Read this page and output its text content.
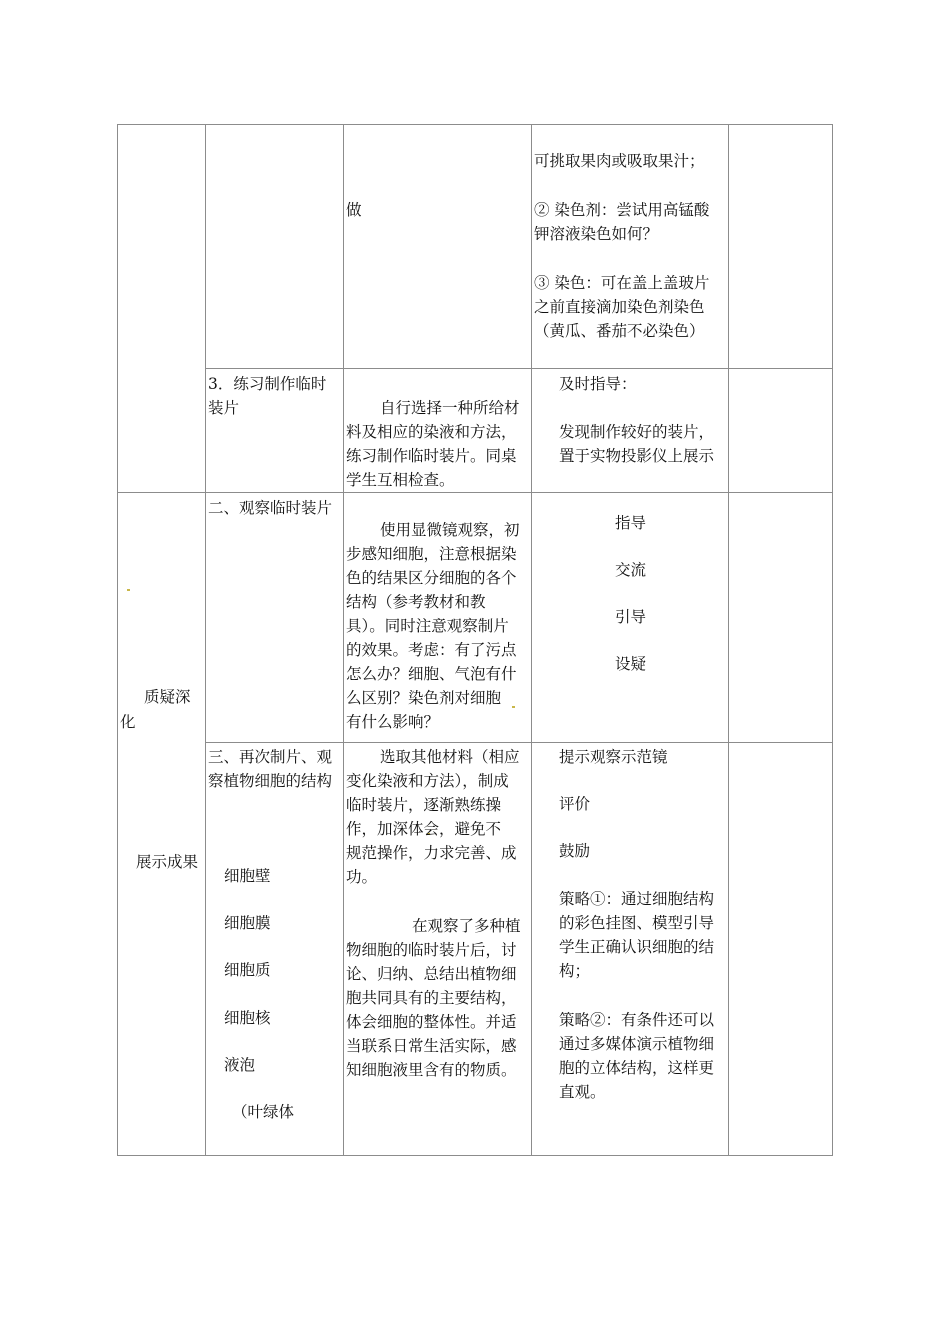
做
可挑取果肉或吸取果汁；
② 染色剂：尝试用高锰酸
钾溶液染色如何？
③ 染色：可在盖上盖玻片
之前直接滴加染色剂染色
（黄瓜、番茄不必染色）
3．练习制作临时
装片	自行选择一种所给材
料及相应的染液和方法，
练习制作临时装片。同桌
学生互相检查。
及时指导：
发现制作较好的装片，
置于实物投影仪上展示
质疑深
化
展示成果
二、观察临时装片
使用显微镜观察，初
步感知细胞，注意根据染
色的结果区分细胞的各个
结构（参考教材和教
具）。同时注意观察制片
的效果。考虑：有了污点
怎么办？细胞、气泡有什
么区别？染色剂对细胞
有什么影响？
指导
交流
引导
设疑
三、再次制片、观
察植物细胞的结构
细胞壁
细胞膜
细胞质
细胞核
液泡
（叶绿体
选取其他材料（相应
变化染液和方法），制成
临时装片，逐渐熟练操
作，加深体会，避免不
规范操作，力求完善、成
功。
在观察了多种植
物细胞的临时装片后，讨
论、归纳、总结出植物细
胞共同具有的主要结构，
体会细胞的整体性。并适
当联系日常生活实际，感
知细胞液里含有的物质。
提示观察示范镜
评价
鼓励
策略①：通过细胞结构
的彩色挂图、模型引导
学生正确认识细胞的结
构；
策略②：有条件还可以
通过多媒体演示植物细
胞的立体结构，这样更
直观。
